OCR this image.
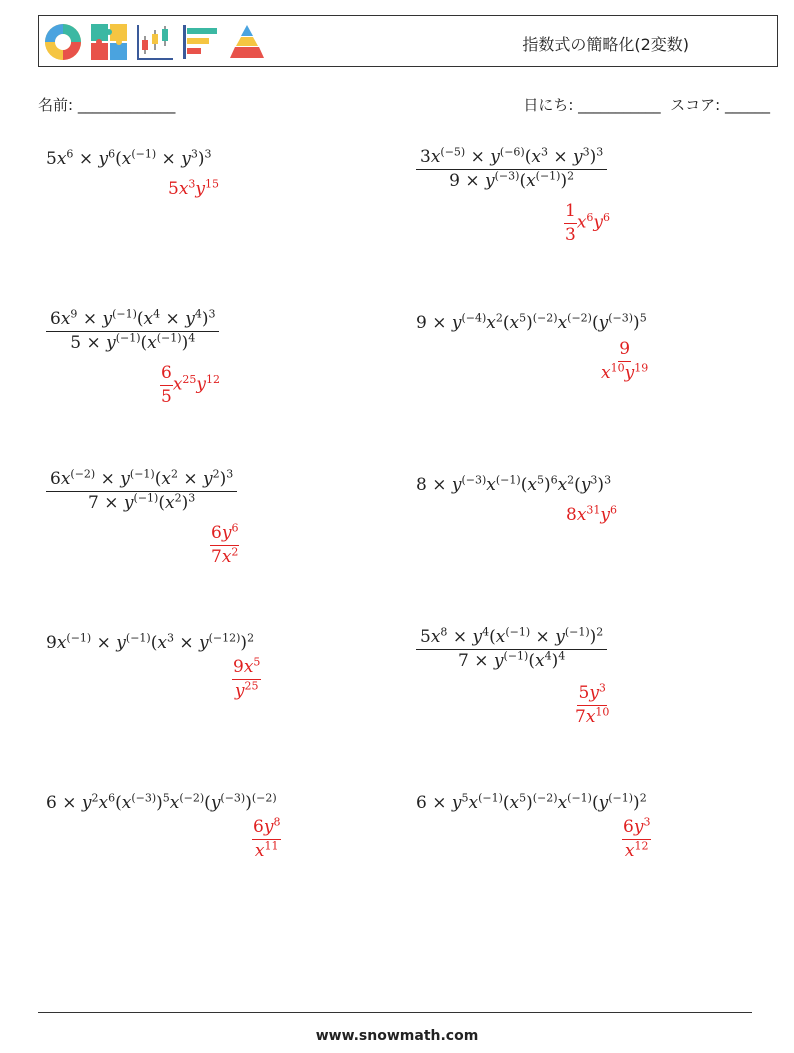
指数式の簡略化(2変数)
名前: _____________	日にち: ___________  スコア: ______
$5x^6 \times y^6(x^{(-1)} \times y^3)^3$
$5x^3y^{15}$	$\frac{3x^{(-5)} \times y^{(-6)}(x^3 \times y^3)^3}{9 \times y^{(-3)}(x^{(-1)})^2}$
$\frac{1}{3} x^6y^6$
$\frac{6x^9 \times y^{(-1)}(x^4 \times y^4)^3}{5 \times y^{(-1)}(x^{(-1)})^4}$
$\frac{6}{5} x^{25}y^{12}$
$9 \times y^{(-4)}x^2(x^5)^{(-2)}x^{(-2)}(y^{(-3)})^5$
$\frac{9}{x^{10}y^{19}}$
$\frac{6x^{(-2)} \times y^{(-1)}(x^2 \times y^2)^3}{7 \times y^{(-1)}(x^2)^3}$
$\frac{6y^6}{7x^2}$
$8 \times y^{(-3)}x^{(-1)}(x^5)^6x^2(y^3)^3$
$8x^{31}y^6$
$9x^{(-1)} \times y^{(-1)}(x^3 \times y^{(-12)})^2$
$\frac{9x^5}{y^{25}}$
$\frac{5x^8 \times y^4(x^{(-1)} \times y^{(-1)})^2}{7 \times y^{(-1)}(x^4)^4}$
$\frac{5y^3}{7x^{10}}$
$6 \times y^2x^6(x^{(-3)})^5x^{(-2)}(y^{(-3)})^{(-2)}$
$\frac{6y^8}{x^{11}}$
$6 \times y^5x^{(-1)}(x^5)^{(-2)}x^{(-1)}(y^{(-1)})^2$
$\frac{6y^3}{x^{12}}$
www.snowmath.com
